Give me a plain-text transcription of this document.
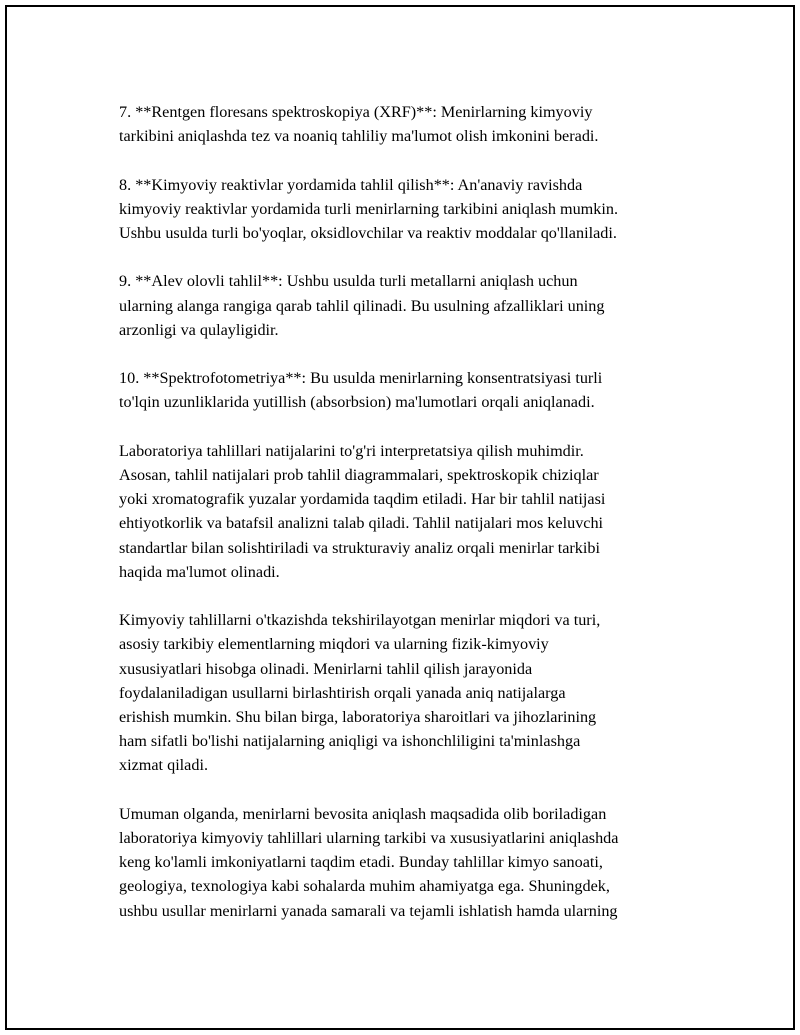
7. **Rentgen floresans spektroskopiya (XRF)**: Menirlarning kimyoviy
tarkibini aniqlashda tez va noaniq tahliliy ma'lumot olish imkonini beradi.

8. **Kimyoviy reaktivlar yordamida tahlil qilish**: An'anaviy ravishda
kimyoviy reaktivlar yordamida turli menirlarning tarkibini aniqlash mumkin.
Ushbu usulda turli bo'yoqlar, oksidlovchilar va reaktiv moddalar qo'llaniladi.

9. **Alev olovli tahlil**: Ushbu usulda turli metallarni aniqlash uchun
ularning alanga rangiga qarab tahlil qilinadi. Bu usulning afzalliklari uning
arzonligi va qulayligidir.

10. **Spektrofotometriya**: Bu usulda menirlarning konsentratsiyasi turli
to'lqin uzunliklarida yutillish (absorbsion) ma'lumotlari orqali aniqlanadi.

Laboratoriya tahlillari natijalarini to'g'ri interpretatsiya qilish muhimdir.
Asosan, tahlil natijalari prob tahlil diagrammalari, spektroskopik chiziqlar
yoki xromatografik yuzalar yordamida taqdim etiladi. Har bir tahlil natijasi
ehtiyotkorlik va batafsil analizni talab qiladi. Tahlil natijalari mos keluvchi
standartlar bilan solishtiriladi va strukturaviy analiz orqali menirlar tarkibi
haqida ma'lumot olinadi.

Kimyoviy tahlillarni o'tkazishda tekshirilayotgan menirlar miqdori va turi,
asosiy tarkibiy elementlarning miqdori va ularning fizik-kimyoviy
xususiyatlari hisobga olinadi. Menirlarni tahlil qilish jarayonida
foydalaniladigan usullarni birlashtirish orqali yanada aniq natijalarga
erishish mumkin. Shu bilan birga, laboratoriya sharoitlari va jihozlarining
ham sifatli bo'lishi natijalarning aniqligi va ishonchliligini ta'minlashga
xizmat qiladi.

Umuman olganda, menirlarni bevosita aniqlash maqsadida olib boriladigan
laboratoriya kimyoviy tahlillari ularning tarkibi va xususiyatlarini aniqlashda
keng ko'lamli imkoniyatlarni taqdim etadi. Bunday tahlillar kimyo sanoati,
geologiya, texnologiya kabi sohalarda muhim ahamiyatga ega. Shuningdek,
ushbu usullar menirlarni yanada samarali va tejamli ishlatish hamda ularning
